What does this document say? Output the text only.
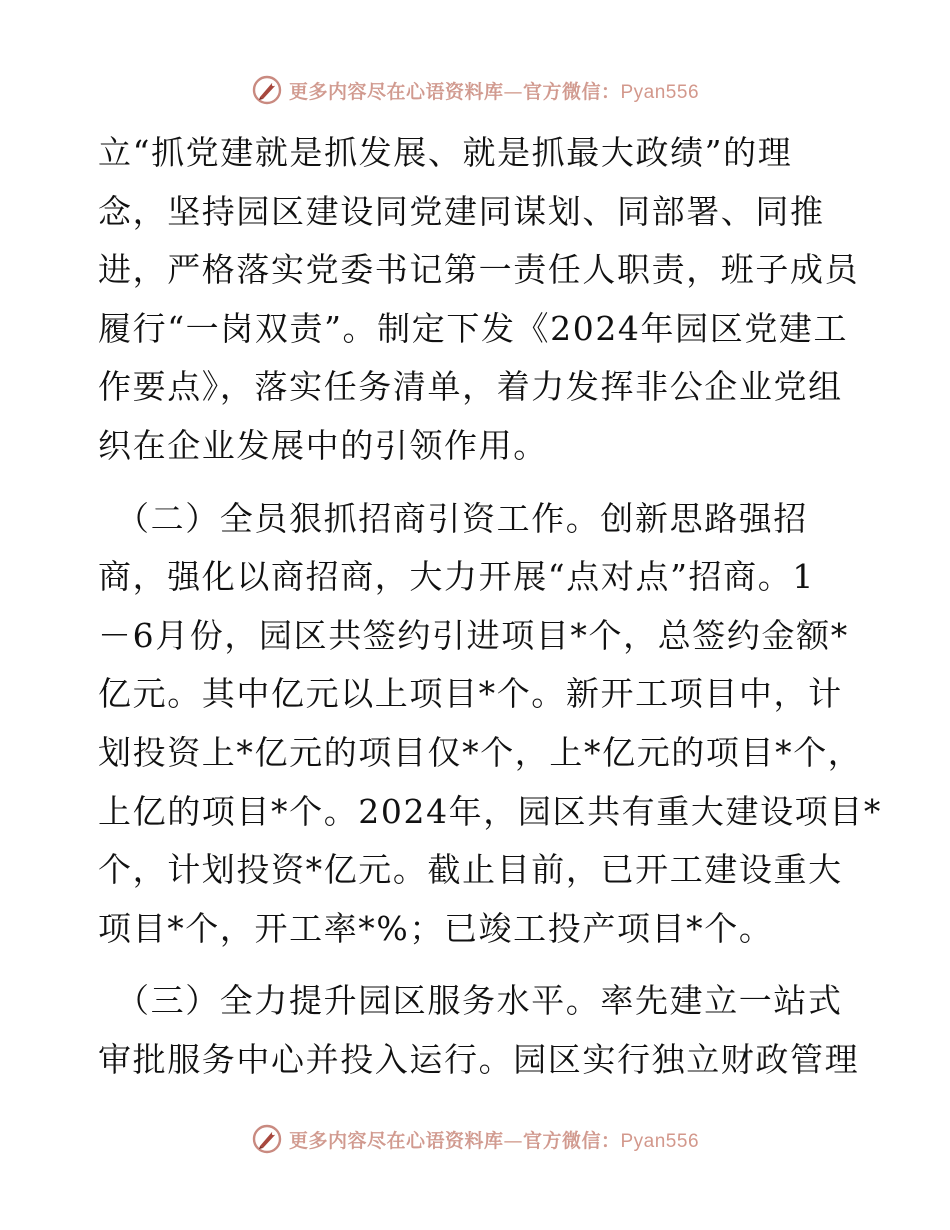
更多内容尽在心语资料库—官方微信：Pyan556

立“抓党建就是抓发展、就是抓最大政绩”的理
念，坚持园区建设同党建同谋划、同部署、同推
进，严格落实党委书记第一责任人职责，班子成员
履行“一岗双责”。制定下发《2024年园区党建工
作要点》，落实任务清单，着力发挥非公企业党组
织在企业发展中的引领作用。

（二）全员狠抓招商引资工作。创新思路强招
商，强化以商招商，大力开展“点对点”招商。1
－6月份，园区共签约引进项目*个，总签约金额*
亿元。其中亿元以上项目*个。新开工项目中，计
划投资上*亿元的项目仅*个，上*亿元的项目*个，
上亿的项目*个。2024年，园区共有重大建设项目*
个，计划投资*亿元。截止目前，已开工建设重大
项目*个，开工率*%；已竣工投产项目*个。

（三）全力提升园区服务水平。率先建立一站式
审批服务中心并投入运行。园区实行独立财政管理

更多内容尽在心语资料库—官方微信：Pyan556
